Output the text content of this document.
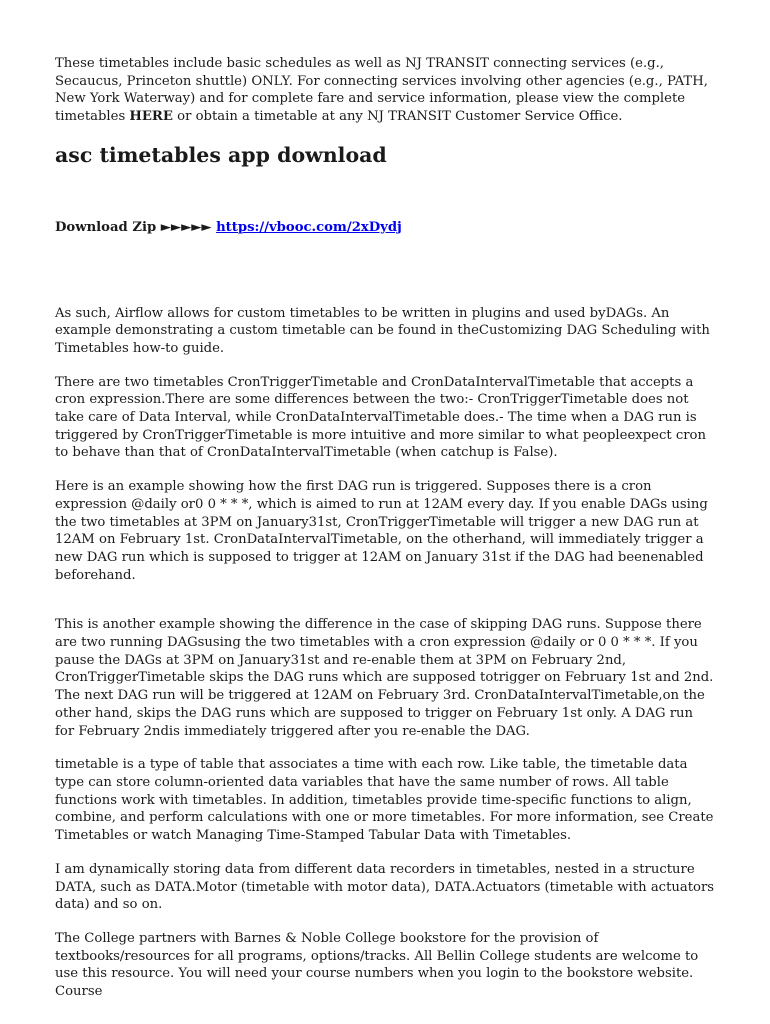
These timetables include basic schedules as well as NJ TRANSIT connecting services (e.g., Secaucus, Princeton shuttle) ONLY. For connecting services involving other agencies (e.g., PATH, New York Waterway) and for complete fare and service information, please view the complete timetables HERE or obtain a timetable at any NJ TRANSIT Customer Service Office.

asc timetables app download

Download Zip ►►►►► https://vbooc.com/2xDydj

As such, Airflow allows for custom timetables to be written in plugins and used byDAGs. An example demonstrating a custom timetable can be found in theCustomizing DAG Scheduling with Timetables how-to guide.

There are two timetables CronTriggerTimetable and CronDataIntervalTimetable that accepts a cron expression.There are some differences between the two:- CronTriggerTimetable does not take care of Data Interval, while CronDataIntervalTimetable does.- The time when a DAG run is triggered by CronTriggerTimetable is more intuitive and more similar to what peopleexpect cron to behave than that of CronDataIntervalTimetable (when catchup is False).

Here is an example showing how the first DAG run is triggered. Supposes there is a cron expression @daily or0 0 * * *, which is aimed to run at 12AM every day. If you enable DAGs using the two timetables at 3PM on January31st, CronTriggerTimetable will trigger a new DAG run at 12AM on February 1st. CronDataIntervalTimetable, on the otherhand, will immediately trigger a new DAG run which is supposed to trigger at 12AM on January 31st if the DAG had beenenabled beforehand.

This is another example showing the difference in the case of skipping DAG runs. Suppose there are two running DAGsusing the two timetables with a cron expression @daily or 0 0 * * *. If you pause the DAGs at 3PM on January31st and re-enable them at 3PM on February 2nd, CronTriggerTimetable skips the DAG runs which are supposed totrigger on February 1st and 2nd. The next DAG run will be triggered at 12AM on February 3rd. CronDataIntervalTimetable,on the other hand, skips the DAG runs which are supposed to trigger on February 1st only. A DAG run for February 2ndis immediately triggered after you re-enable the DAG.

timetable is a type of table that associates a time with each row. Like table, the timetable data type can store column-oriented data variables that have the same number of rows. All table functions work with timetables. In addition, timetables provide time-specific functions to align, combine, and perform calculations with one or more timetables. For more information, see Create Timetables or watch Managing Time-Stamped Tabular Data with Timetables.

I am dynamically storing data from different data recorders in timetables, nested in a structure DATA, such as DATA.Motor (timetable with motor data), DATA.Actuators (timetable with actuators data) and so on.

The College partners with Barnes & Noble College bookstore for the provision of textbooks/resources for all programs, options/tracks. All Bellin College students are welcome to use this resource. You will need your course numbers when you login to the bookstore website. Course
